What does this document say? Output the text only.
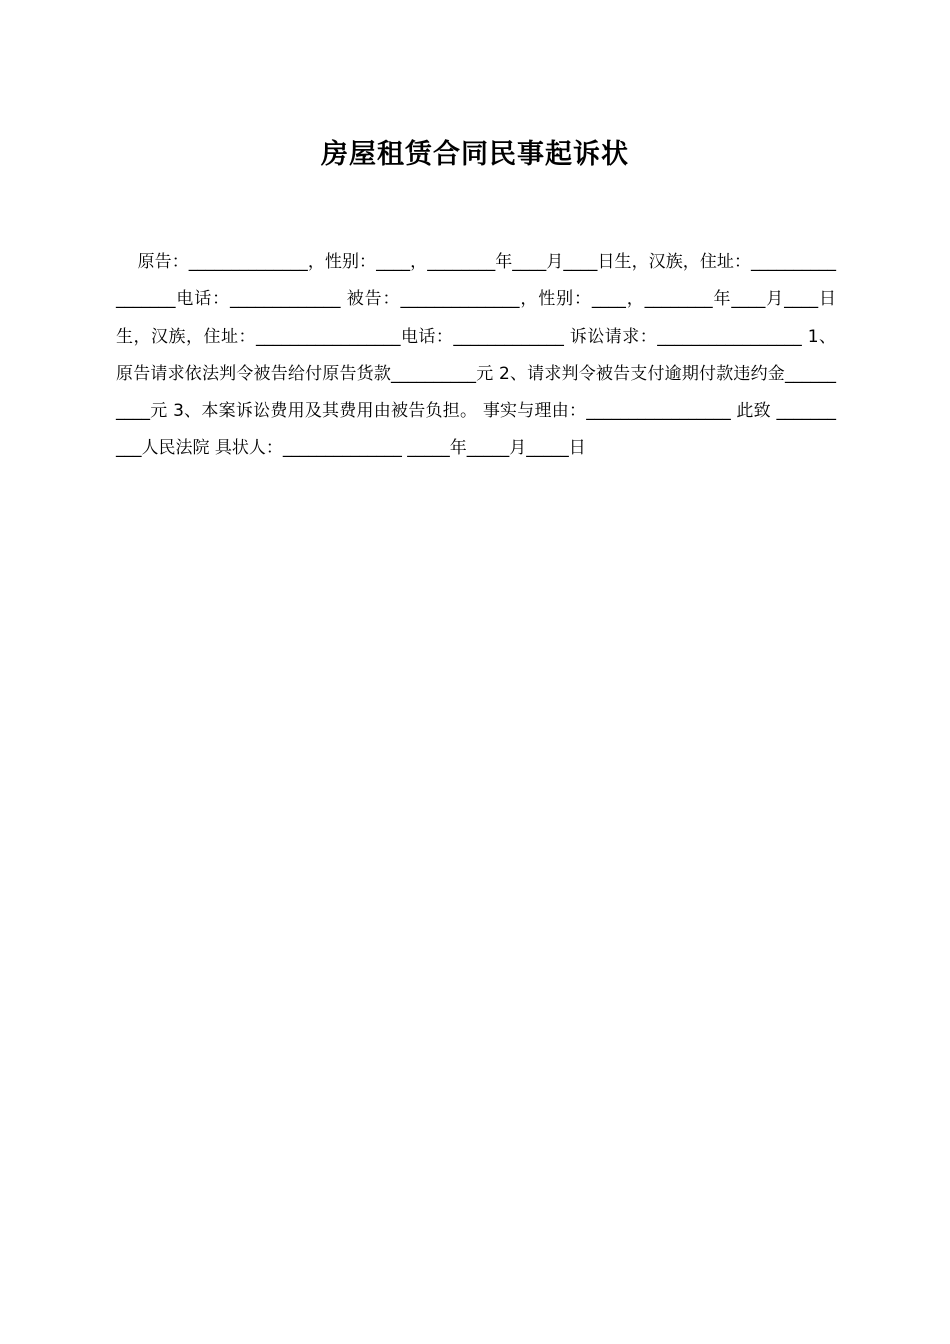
房屋租赁合同民事起诉状

原告：______________，性别：____，________年____月____日生，汉族，住址：_________________电话：_____________ 被告：______________，性别：____，________年____月____日生，汉族，住址：_________________电话：_____________ 诉讼请求：_________________ 1、原告请求依法判令被告给付原告货款__________元 2、请求判令被告支付逾期付款违约金__________元 3、本案诉讼费用及其费用由被告负担。 事实与理由：_________________ 此致 __________人民法院 具状人：______________ _____年_____月_____日
